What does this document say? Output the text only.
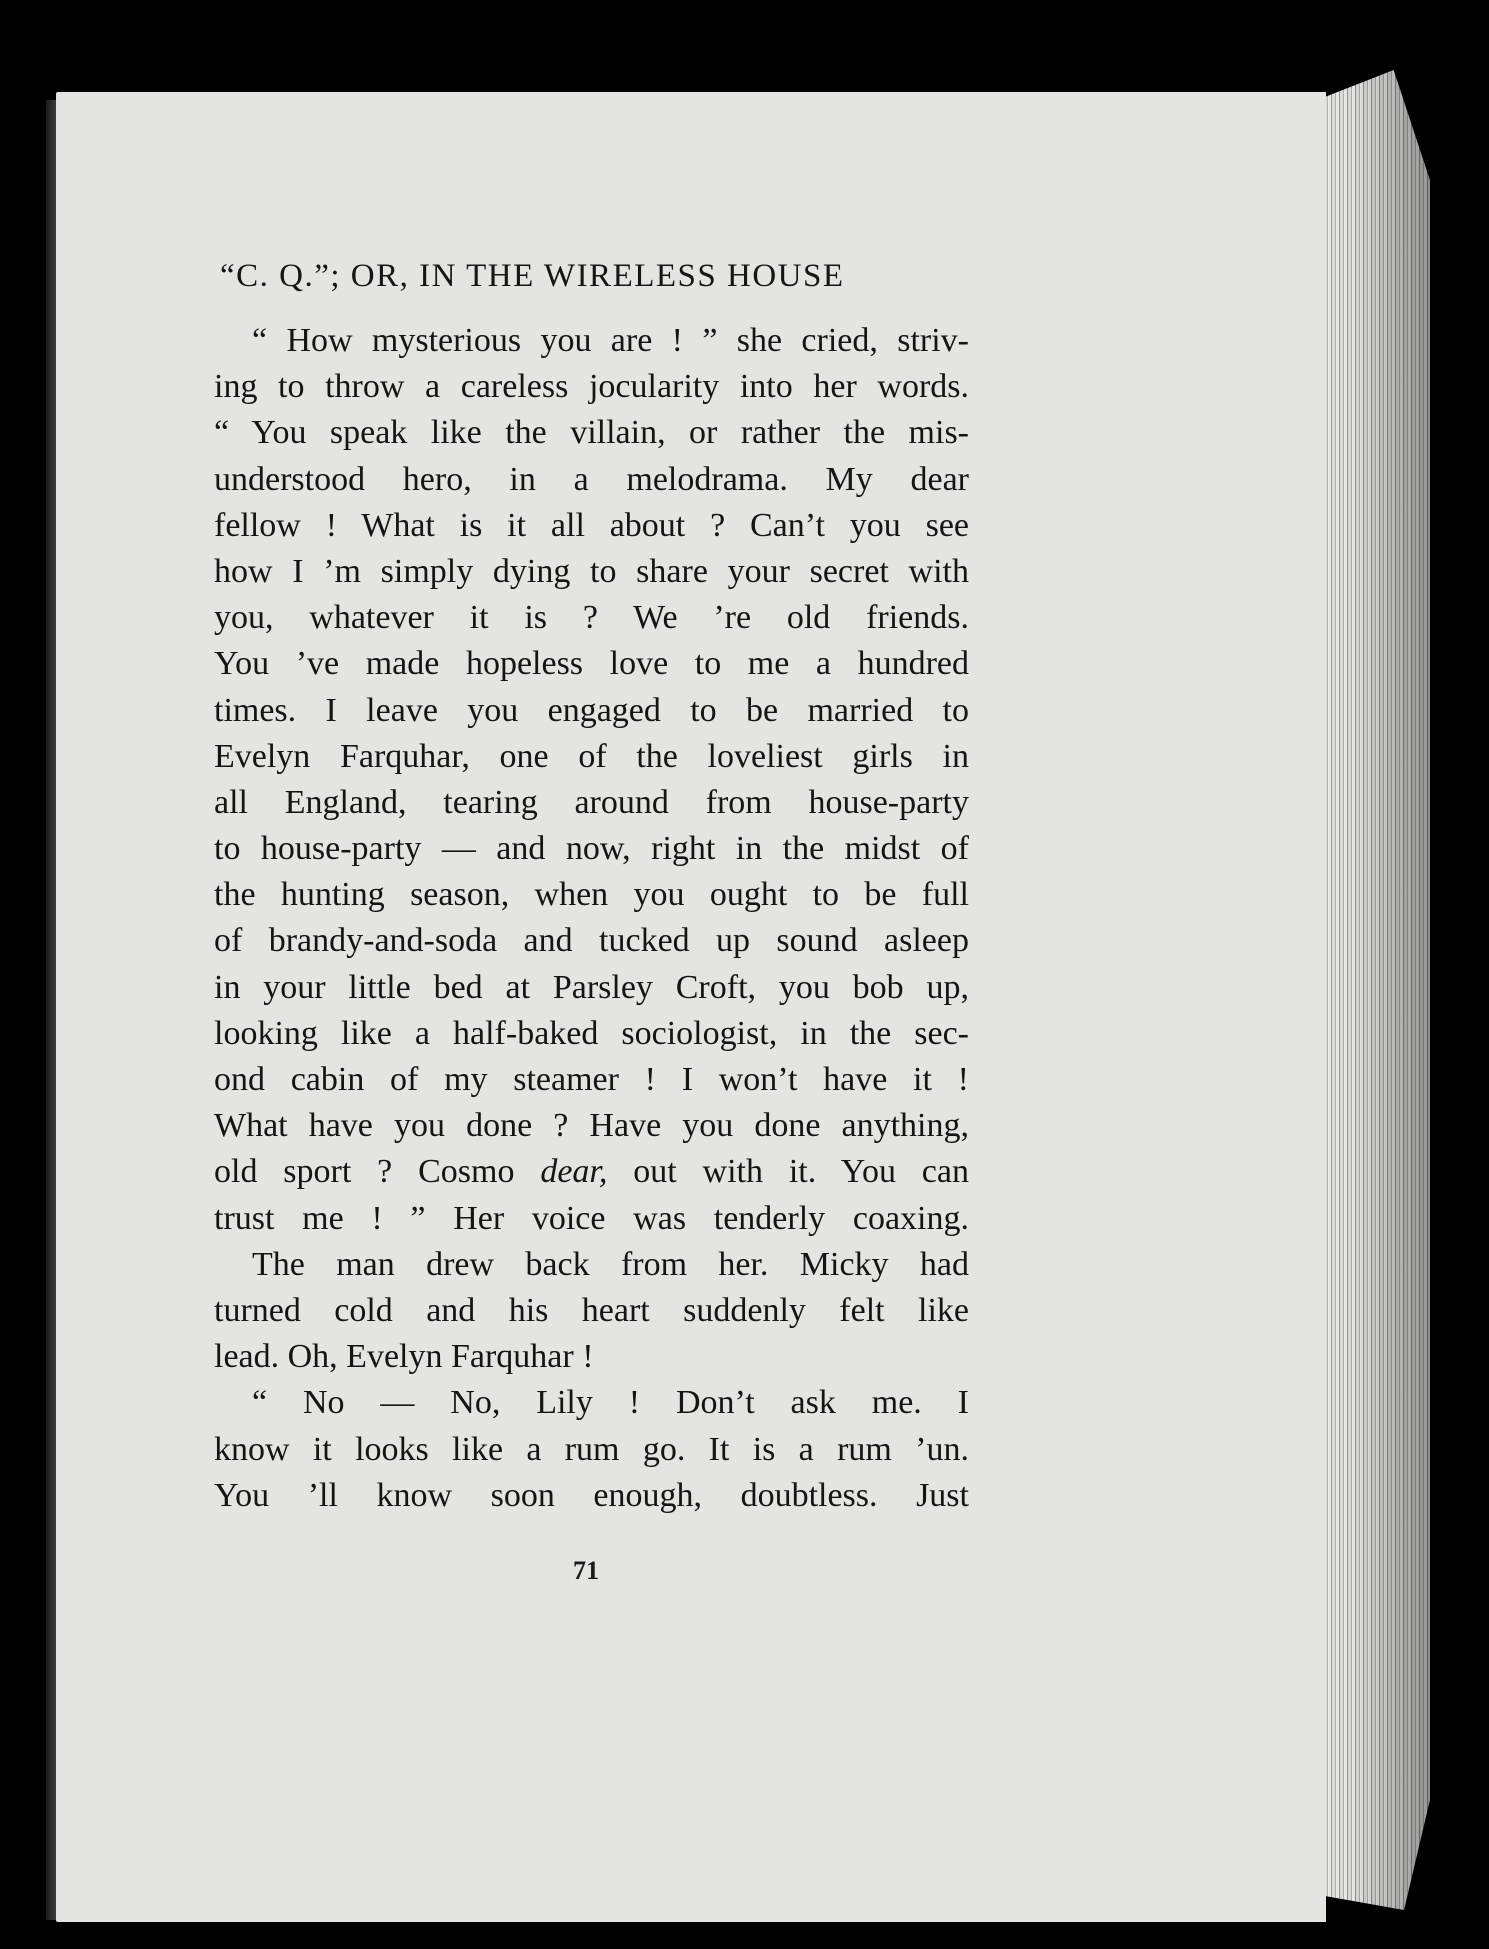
“C. Q.”; OR, IN THE WIRELESS HOUSE
“ How mysterious you are ! ” she cried, striv-
ing to throw a careless jocularity into her words.
“ You speak like the villain, or rather the mis-
understood hero, in a melodrama. My dear
fellow ! What is it all about ? Can’t you see
how I ’m simply dying to share your secret with
you, whatever it is ? We ’re old friends.
You ’ve made hopeless love to me a hundred
times. I leave you engaged to be married to
Evelyn Farquhar, one of the loveliest girls in
all England, tearing around from house-party
to house-party — and now, right in the midst of
the hunting season, when you ought to be full
of brandy-and-soda and tucked up sound asleep
in your little bed at Parsley Croft, you bob up,
looking like a half-baked sociologist, in the sec-
ond cabin of my steamer ! I won’t have it !
What have you done ? Have you done anything,
old sport ? Cosmo dear, out with it. You can
trust me ! ” Her voice was tenderly coaxing.
The man drew back from her. Micky had
turned cold and his heart suddenly felt like
lead. Oh, Evelyn Farquhar !
“ No — No, Lily ! Don’t ask me. I
know it looks like a rum go. It is a rum ’un.
You ’ll know soon enough, doubtless. Just
71
